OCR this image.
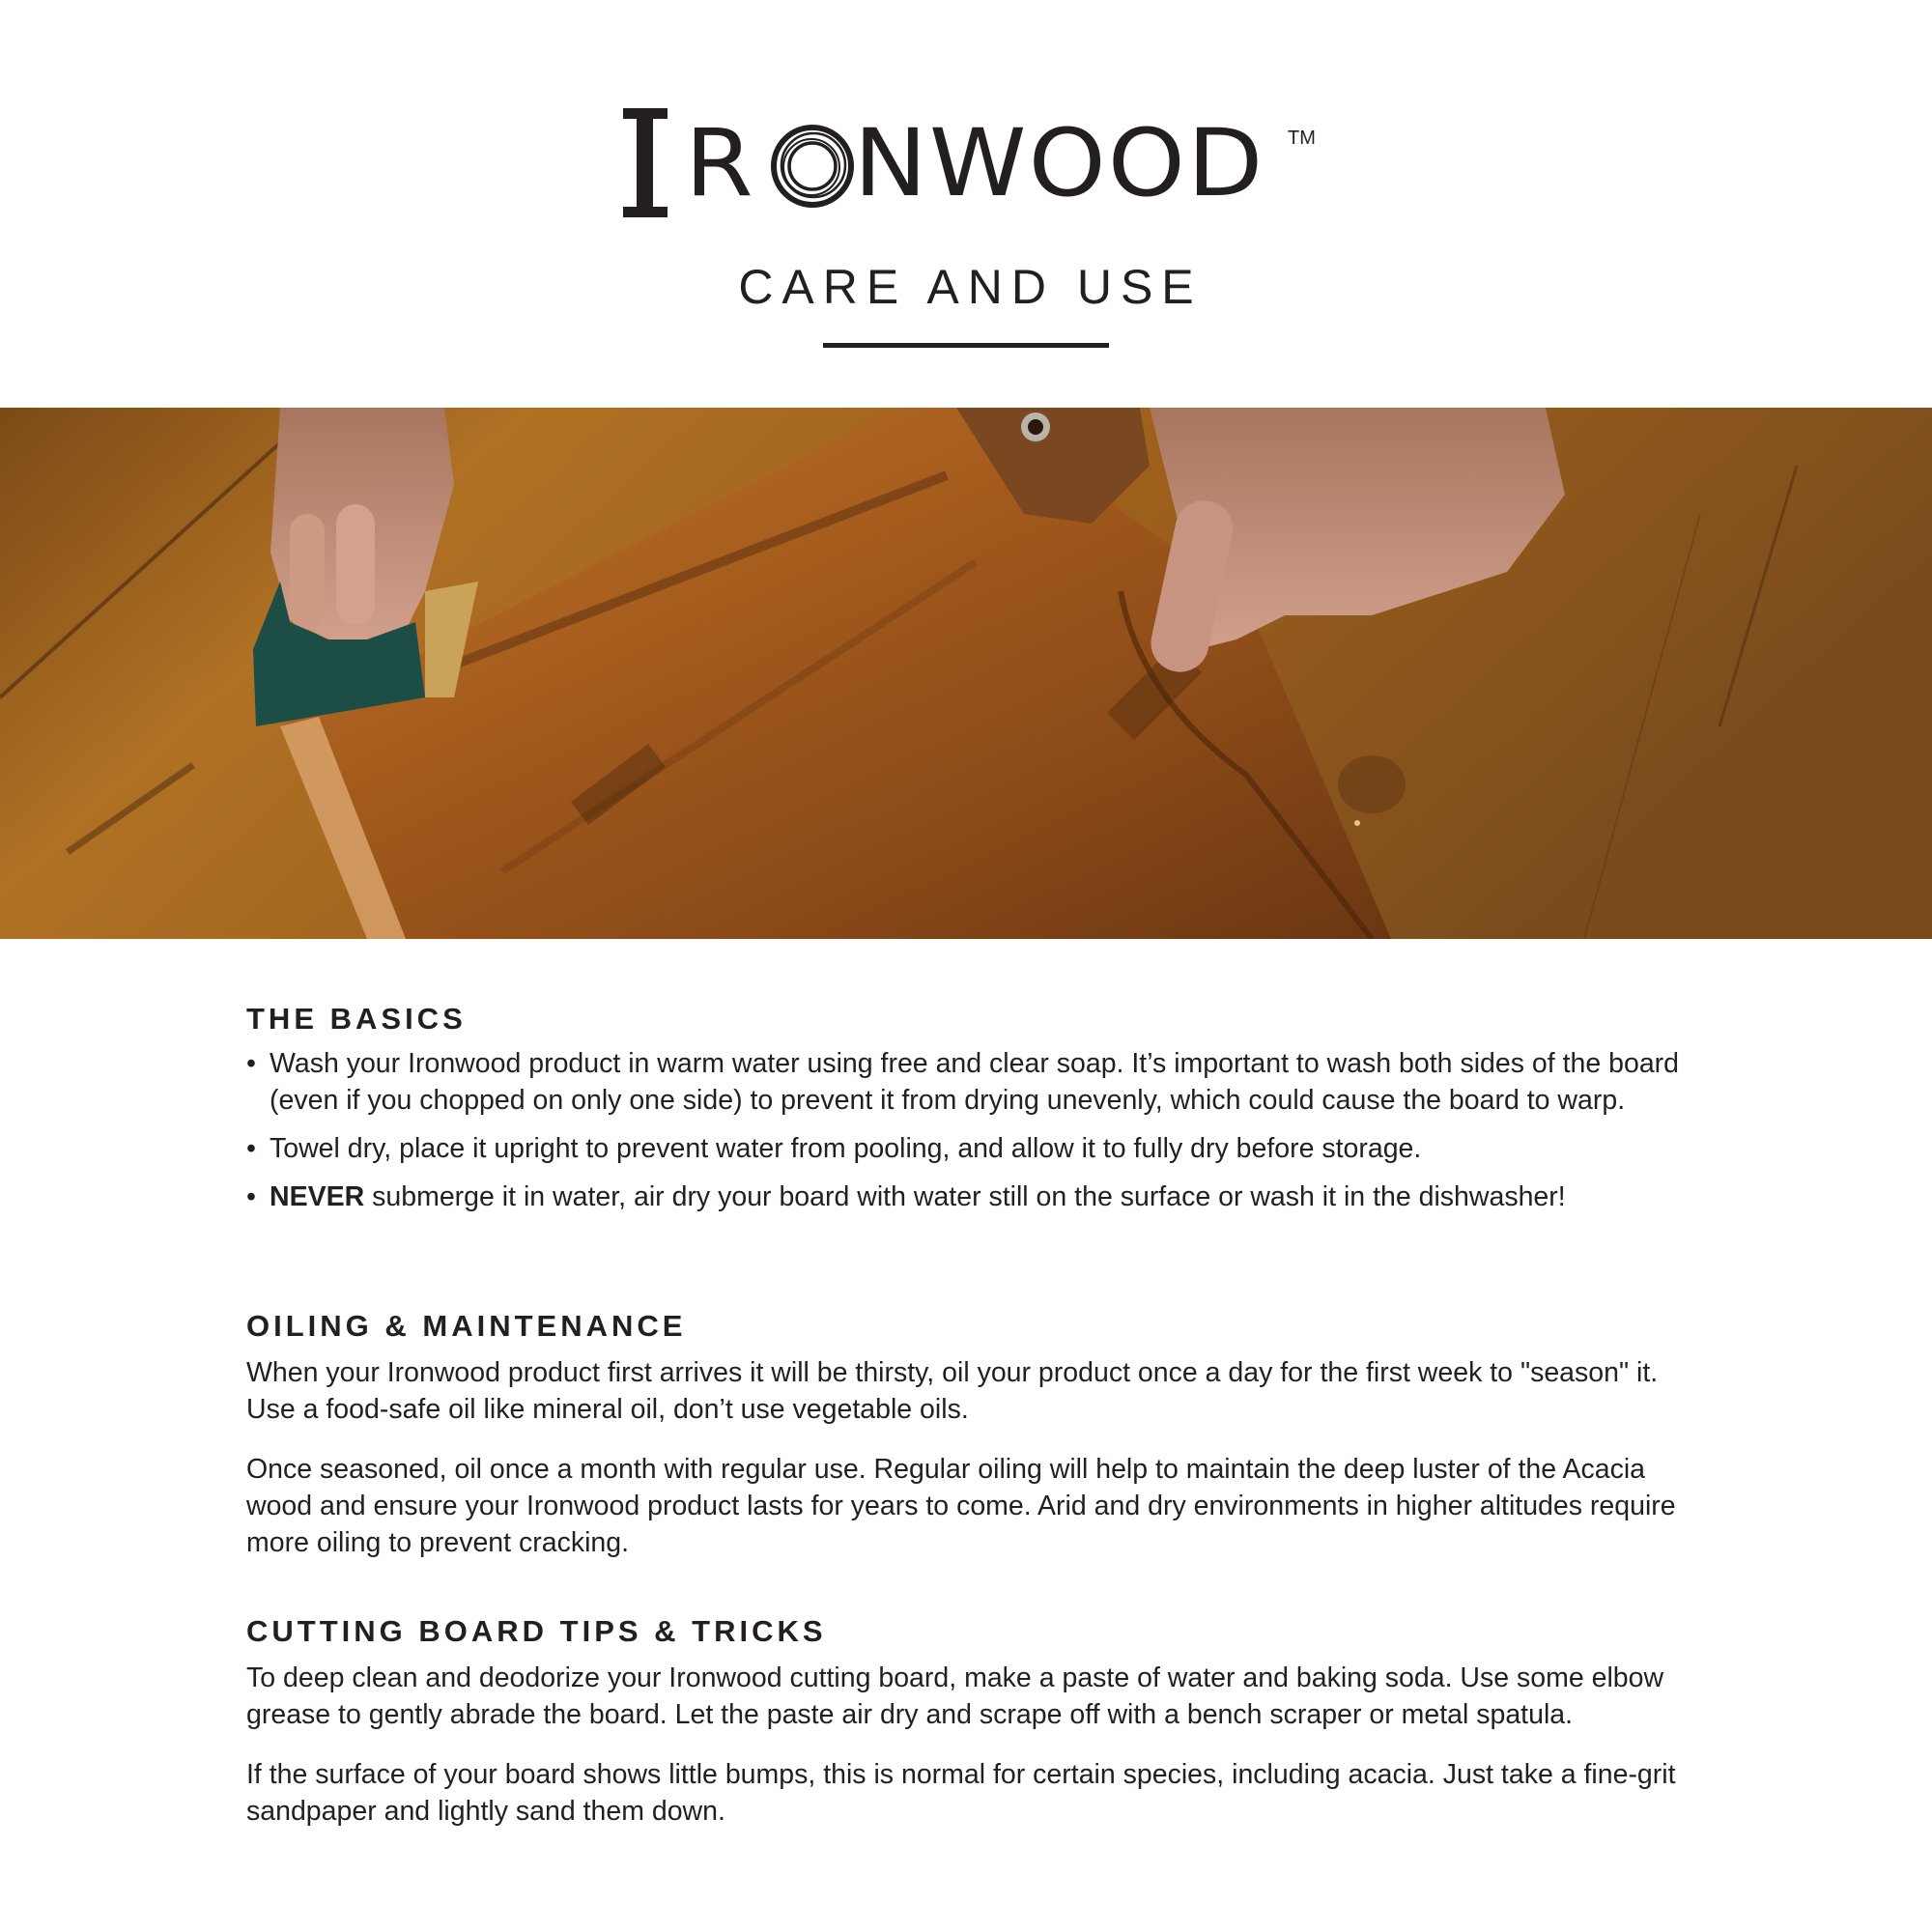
R NWOOD TM
CARE AND USE
THE BASICS
• Wash your Ironwood product in warm water using free and clear soap. It’s important to wash both sides of the board (even if you chopped on only one side) to prevent it from drying unevenly, which could cause the board to warp.
• Towel dry, place it upright to prevent water from pooling, and allow it to fully dry before storage.
• NEVER submerge it in water, air dry your board with water still on the surface or wash it in the dishwasher!
OILING & MAINTENANCE

When your Ironwood product first arrives it will be thirsty, oil your product once a day for the first week to "season" it. Use a food-safe oil like mineral oil, don’t use vegetable oils.

Once seasoned, oil once a month with regular use. Regular oiling will help to maintain the deep luster of the Acacia wood and ensure your Ironwood product lasts for years to come. Arid and dry environments in higher altitudes require more oiling to prevent cracking.

CUTTING BOARD TIPS & TRICKS

To deep clean and deodorize your Ironwood cutting board, make a paste of water and baking soda. Use some elbow grease to gently abrade the board. Let the paste air dry and scrape off with a bench scraper or metal spatula.

If the surface of your board shows little bumps, this is normal for certain species, including acacia. Just take a fine-grit sandpaper and lightly sand them down.
